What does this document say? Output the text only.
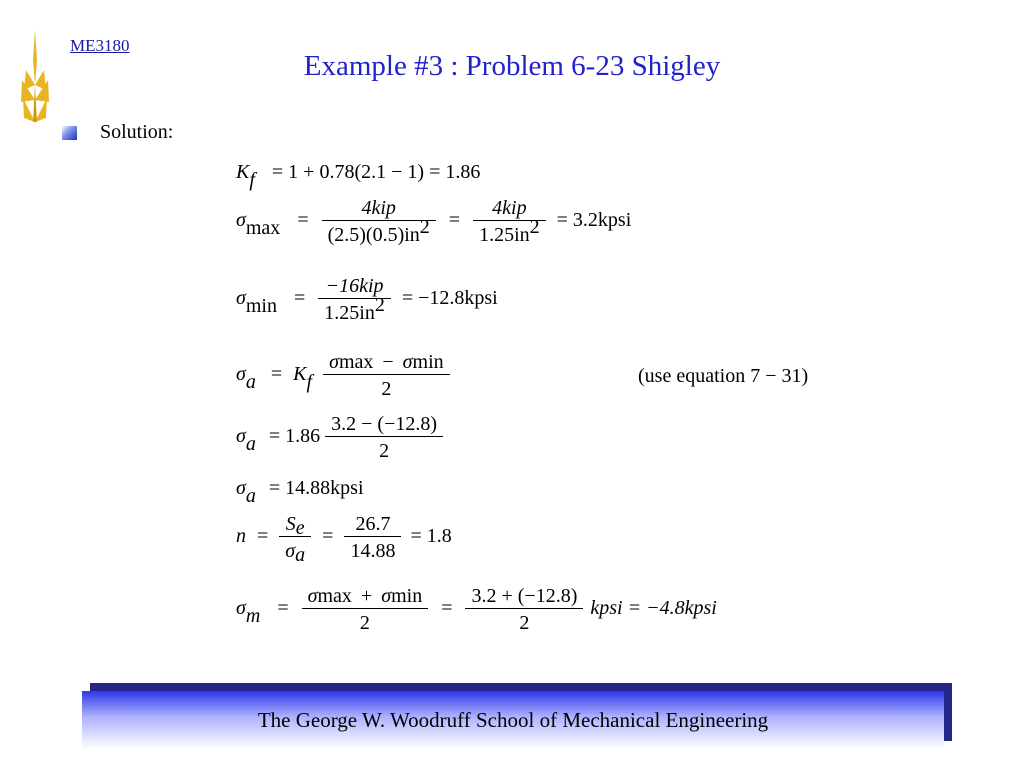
ME3180
Example #3 : Problem 6-23 Shigley
Solution:
Kf = 1 + 0.78(2.1 − 1) = 1.86
$\sigma\max = \frac{\text{4kip}}{(2.5)(0.5)in2} = \frac{\text{4kip}}{1.25in2}$ = 3.2kpsi
$\sigma\min = \frac{\text{−16kip}}{1.25in2}$ = −12.8kpsi
σa = Kf $\frac{\sigma\max - \sigma\min}{2}$	(use equation 7 − 31)
$\sigma a = 1.86 \frac{3.2 - (-12.8)}{2}$
σa = 14.88kpsi
$n = \frac{Se}{\sigma a} = \frac{26.7}{14.88} = 1.8$
$\sigma m = \frac{\sigma\max + \sigma\min}{2} = \frac{3.2 + (-12.8)}{2}$ kpsi = −4.8kpsi
The George W. Woodruff School of Mechanical Engineering
